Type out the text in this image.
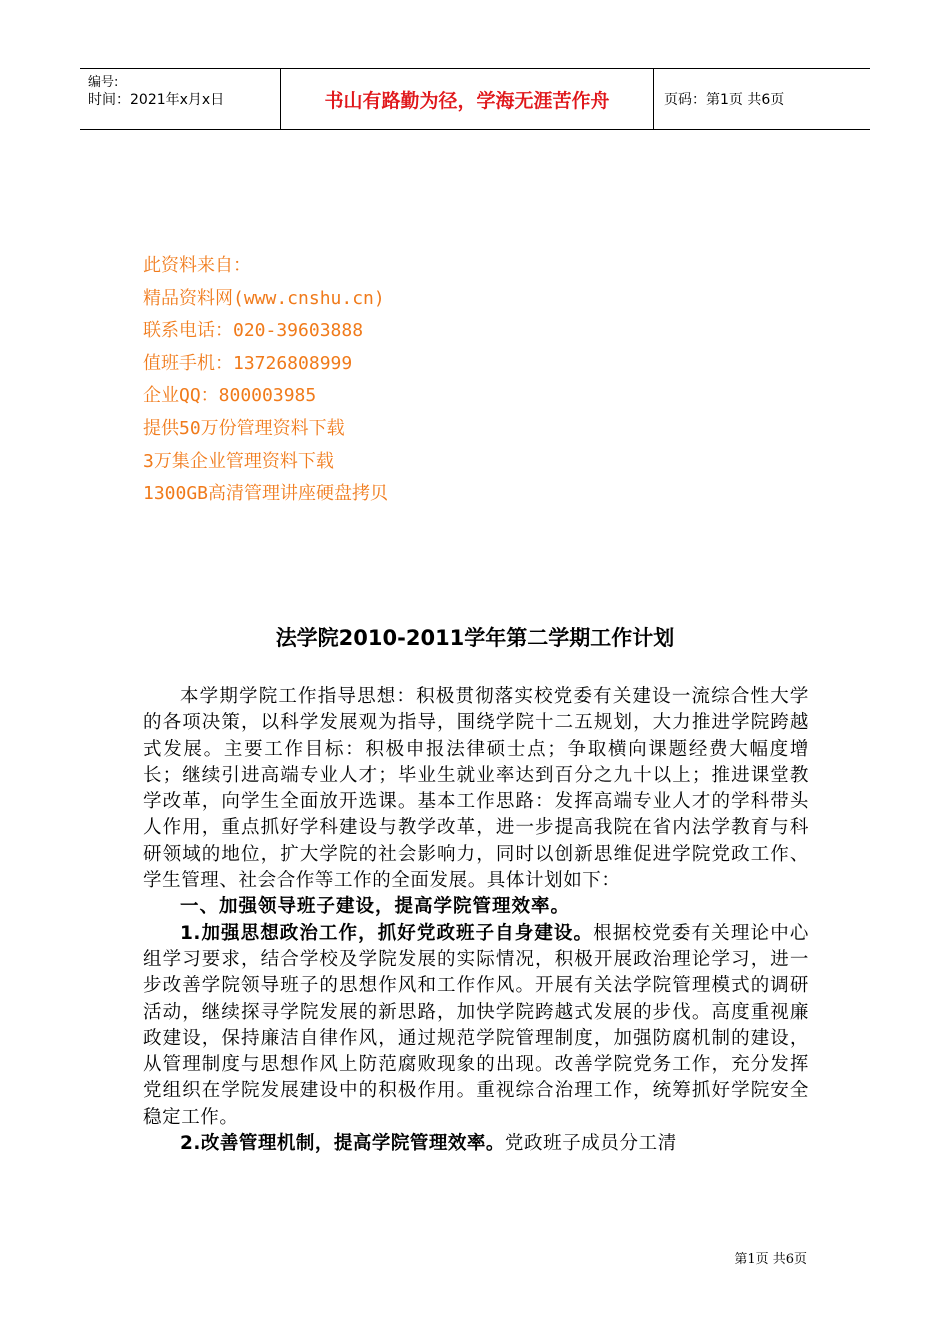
编号:
时间：2021年x月x日	书山有路勤为径，学海无涯苦作舟	页码：第1页 共6页
此资料来自：
精品资料网(www.cnshu.cn)
联系电话：020-39603888
值班手机：13726808999
企业QQ：800003985
提供50万份管理资料下载
3万集企业管理资料下载
1300GB高清管理讲座硬盘拷贝
法学院2010-2011学年第二学期工作计划

本学期学院工作指导思想：积极贯彻落实校党委有关建设一流综合性大学的各项决策，以科学发展观为指导，围绕学院十二五规划，大力推进学院跨越式发展。主要工作目标：积极申报法律硕士点；争取横向课题经费大幅度增长；继续引进高端专业人才；毕业生就业率达到百分之九十以上；推进课堂教学改革，向学生全面放开选课。基本工作思路：发挥高端专业人才的学科带头人作用，重点抓好学科建设与教学改革，进一步提高我院在省内法学教育与科研领域的地位，扩大学院的社会影响力，同时以创新思维促进学院党政工作、学生管理、社会合作等工作的全面发展。具体计划如下：

一、加强领导班子建设，提高学院管理效率。

1.加强思想政治工作，抓好党政班子自身建设。根据校党委有关理论中心组学习要求，结合学校及学院发展的实际情况，积极开展政治理论学习，进一步改善学院领导班子的思想作风和工作作风。开展有关法学院管理模式的调研活动，继续探寻学院发展的新思路，加快学院跨越式发展的步伐。高度重视廉政建设，保持廉洁自律作风，通过规范学院管理制度，加强防腐机制的建设，从管理制度与思想作风上防范腐败现象的出现。改善学院党务工作，充分发挥党组织在学院发展建设中的积极作用。重视综合治理工作，统筹抓好学院安全稳定工作。

2.改善管理机制，提高学院管理效率。党政班子成员分工清

第1页 共6页
